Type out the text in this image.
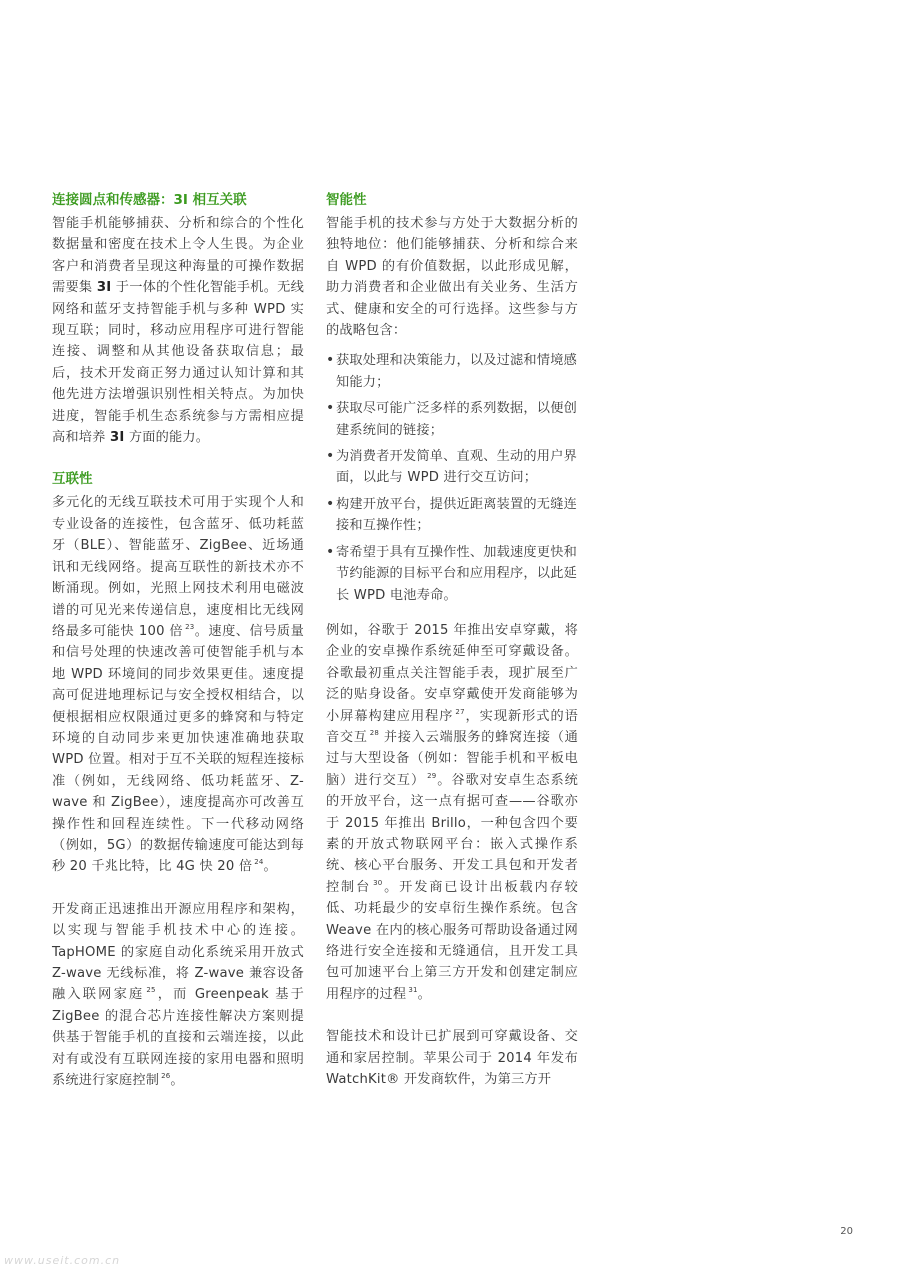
连接圆点和传感器：3I 相互关联

智能手机能够捕获、分析和综合的个性化数据量和密度在技术上令人生畏。为企业客户和消费者呈现这种海量的可操作数据需要集 3I 于一体的个性化智能手机。无线网络和蓝牙支持智能手机与多种 WPD 实现互联；同时，移动应用程序可进行智能连接、调整和从其他设备获取信息；最后，技术开发商正努力通过认知计算和其他先进方法增强识别性相关特点。为加快进度，智能手机生态系统参与方需相应提高和培养 3I 方面的能力。

互联性

多元化的无线互联技术可用于实现个人和专业设备的连接性，包含蓝牙、低功耗蓝牙（BLE）、智能蓝牙、ZigBee、近场通讯和无线网络。提高互联性的新技术亦不断涌现。例如，光照上网技术利用电磁波谱的可见光来传递信息，速度相比无线网络最多可能快 100 倍 $^{23}$。速度、信号质量和信号处理的快速改善可使智能手机与本地 WPD 环境间的同步效果更佳。速度提高可促进地理标记与安全授权相结合，以便根据相应权限通过更多的蜂窝和与特定环境的自动同步来更加快速准确地获取 WPD 位置。相对于互不关联的短程连接标准（例如，无线网络、低功耗蓝牙、Z-wave 和 ZigBee），速度提高亦可改善互操作性和回程连续性。下一代移动网络（例如，5G）的数据传输速度可能达到每秒 20 千兆比特，比 4G 快 20 倍 $^{24}$。

开发商正迅速推出开源应用程序和架构，以实现与智能手机技术中心的连接。TapHOME 的家庭自动化系统采用开放式 Z-wave 无线标准，将 Z-wave 兼容设备融入联网家庭 $^{25}$，而 Greenpeak 基于 ZigBee 的混合芯片连接性解决方案则提供基于智能手机的直接和云端连接，以此对有或没有互联网连接的家用电器和照明系统进行家庭控制 $^{26}$。

智能性

智能手机的技术参与方处于大数据分析的独特地位：他们能够捕获、分析和综合来自 WPD 的有价值数据，以此形成见解，助力消费者和企业做出有关业务、生活方式、健康和安全的可行选择。这些参与方的战略包含：

• 获取处理和决策能力，以及过滤和情境感知能力；
• 获取尽可能广泛多样的系列数据，以便创建系统间的链接；
• 为消费者开发简单、直观、生动的用户界面，以此与 WPD 进行交互访问；
• 构建开放平台，提供近距离装置的无缝连接和互操作性；
• 寄希望于具有互操作性、加载速度更快和节约能源的目标平台和应用程序，以此延长 WPD 电池寿命。

例如，谷歌于 2015 年推出安卓穿戴，将企业的安卓操作系统延伸至可穿戴设备。谷歌最初重点关注智能手表，现扩展至广泛的贴身设备。安卓穿戴使开发商能够为小屏幕构建应用程序 $^{27}$，实现新形式的语音交互 $^{28}$ 并接入云端服务的蜂窝连接（通过与大型设备（例如：智能手机和平板电脑）进行交互） $^{29}$。谷歌对安卓生态系统的开放平台，这一点有据可查——谷歌亦于 2015 年推出 Brillo，一种包含四个要素的开放式物联网平台：嵌入式操作系统、核心平台服务、开发工具包和开发者控制台 $^{30}$。开发商已设计出板载内存较低、功耗最少的安卓衍生操作系统。包含 Weave 在内的核心服务可帮助设备通过网络进行安全连接和无缝通信，且开发工具包可加速平台上第三方开发和创建定制应用程序的过程 $^{31}$。

智能技术和设计已扩展到可穿戴设备、交通和家居控制。苹果公司于 2014 年发布 WatchKit® 开发商软件，为第三方开

20
www.useit.com.cn
